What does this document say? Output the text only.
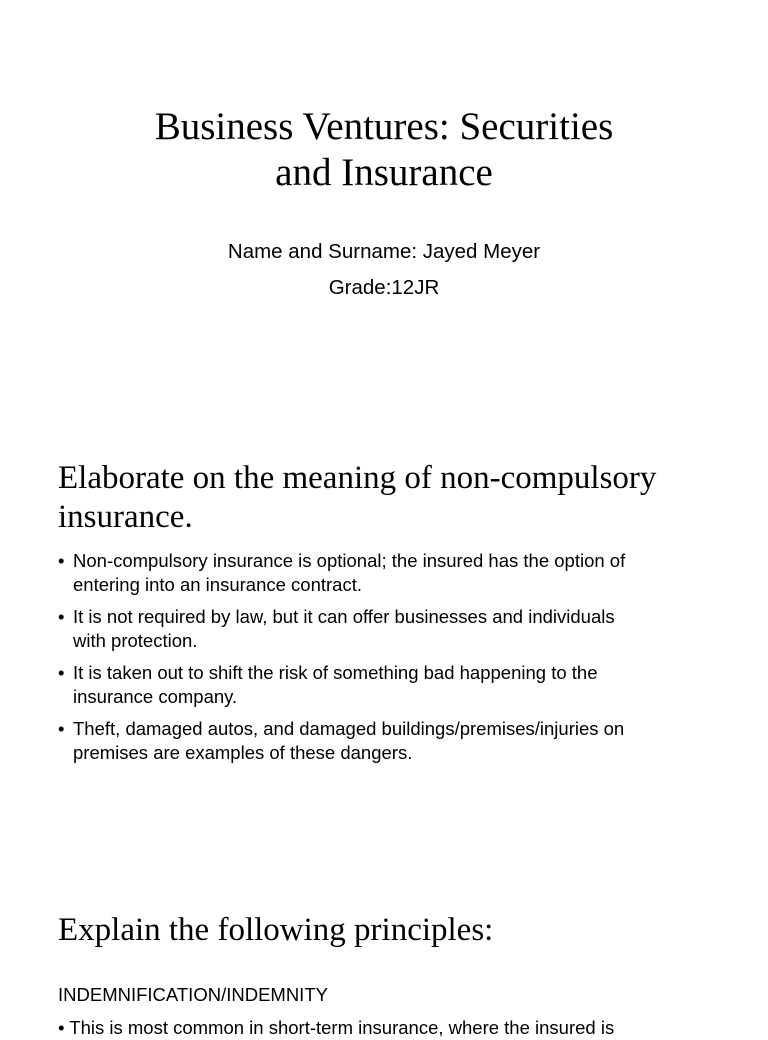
Business Ventures: Securities
and Insurance
Name and Surname: Jayed Meyer
Grade:12JR
Elaborate on the meaning of non-compulsory
insurance.
• Non-compulsory insurance is optional; the insured has the option of
entering into an insurance contract.
• It is not required by law, but it can offer businesses and individuals
with protection.
• It is taken out to shift the risk of something bad happening to the
insurance company.
• Theft, damaged autos, and damaged buildings/premises/injuries on
premises are examples of these dangers.
Explain the following principles:
INDEMNIFICATION/INDEMNITY
• This is most common in short-term insurance, where the insured is
